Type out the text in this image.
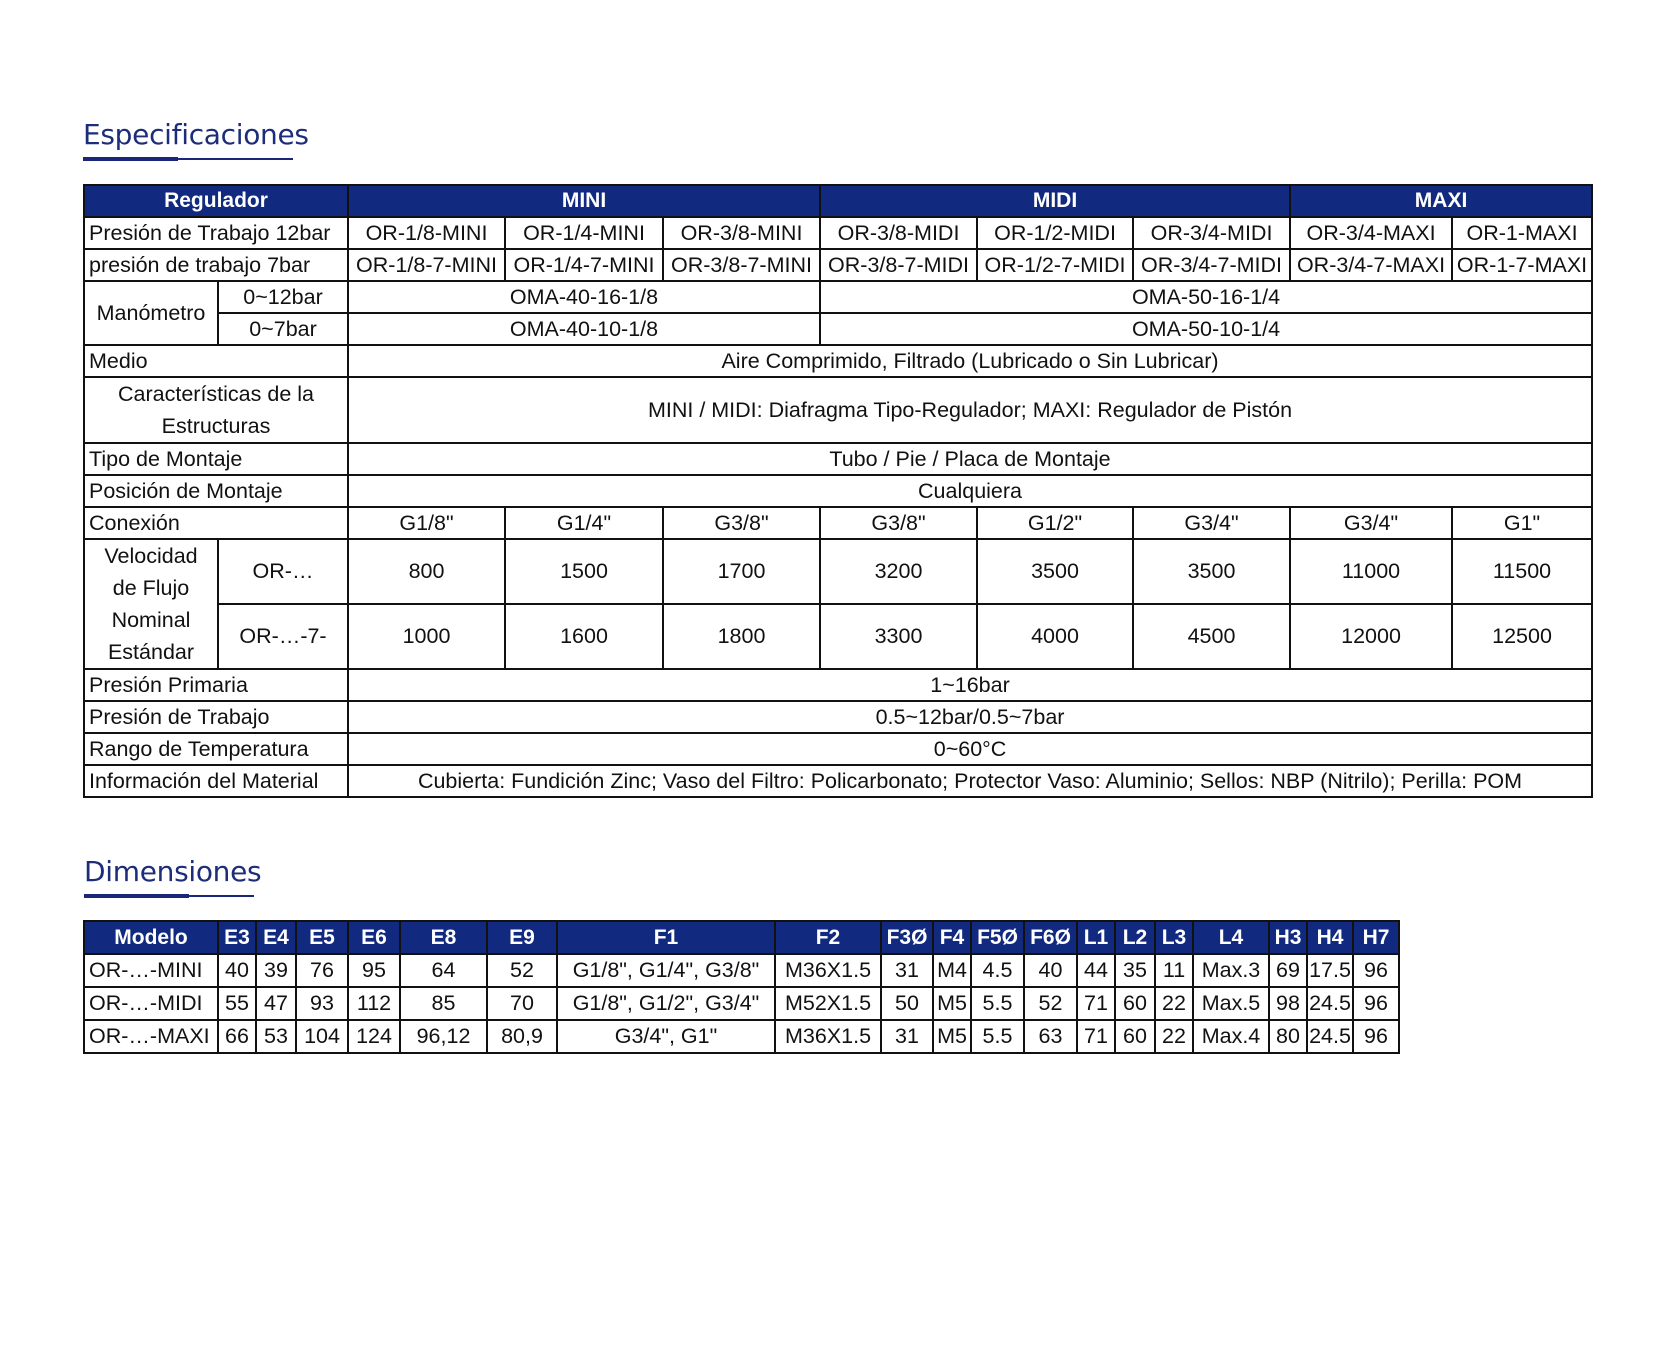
Especificaciones
Regulador		MINI			MIDI			MAXI	
Presión de Trabajo 12bar		OR-1/8-MINI	OR-1/4-MINI	OR-3/8-MINI	OR-3/8-MIDI	OR-1/2-MIDI	OR-3/4-MIDI	OR-3/4-MAXI	OR-1-MAXI
presión de trabajo 7bar		OR-1/8-7-MINI	OR-1/4-7-MINI	OR-3/8-7-MINI	OR-3/8-7-MIDI	OR-1/2-7-MIDI	OR-3/4-7-MIDI	OR-3/4-7-MAXI	OR-1-7-MAXI
Manómetro	0~12bar	OMA-40-16-1/8			OMA-50-16-1/4				
	0~7bar	OMA-40-10-1/8			OMA-50-10-1/4				
Medio		Aire Comprimido, Filtrado (Lubricado o Sin Lubricar)							

Características de la
Estructuras		MINI / MIDI: Diafragma Tipo-Regulador; MAXI: Regulador de Pistón							
Tipo de Montaje		Tubo / Pie / Placa de Montaje							
Posición de Montaje		Cualquiera							
Conexión		G1/8"	G1/4"	G3/8"	G3/8"	G1/2"	G3/4"	G3/4"	G1"

Velocidad
de Flujo
Nominal
Estándar	OR-…	800	1500	1700	3200	3500	3500	11000	11500
	OR-…-7-	1000	1600	1800	3300	4000	4500	12000	12500
Presión Primaria		1~16bar							
Presión de Trabajo		0.5~12bar/0.5~7bar							
Rango de Temperatura		0~60°C							
Información del Material		Cubierta: Fundición Zinc; Vaso del Filtro: Policarbonato; Protector Vaso: Aluminio; Sellos: NBP (Nitrilo); Perilla: POM							
Dimensiones
Modelo	E3	E4	E5	E6	E8	E9	F1	F2	F3Ø	F4	F5Ø	F6Ø	L1	L2	L3	L4	H3	H4	H7
OR-…-MINI	40	39	76	95	64	52	G1/8", G1/4", G3/8"	M36X1.5	31	M4	4.5	40	44	35	11	Max.3	69	17.5	96
OR-…-MIDI	55	47	93	112	85	70	G1/8", G1/2", G3/4"	M52X1.5	50	M5	5.5	52	71	60	22	Max.5	98	24.5	96
OR-…-MAXI	66	53	104	124	96,12	80,9	G3/4", G1"	M36X1.5	31	M5	5.5	63	71	60	22	Max.4	80	24.5	96
